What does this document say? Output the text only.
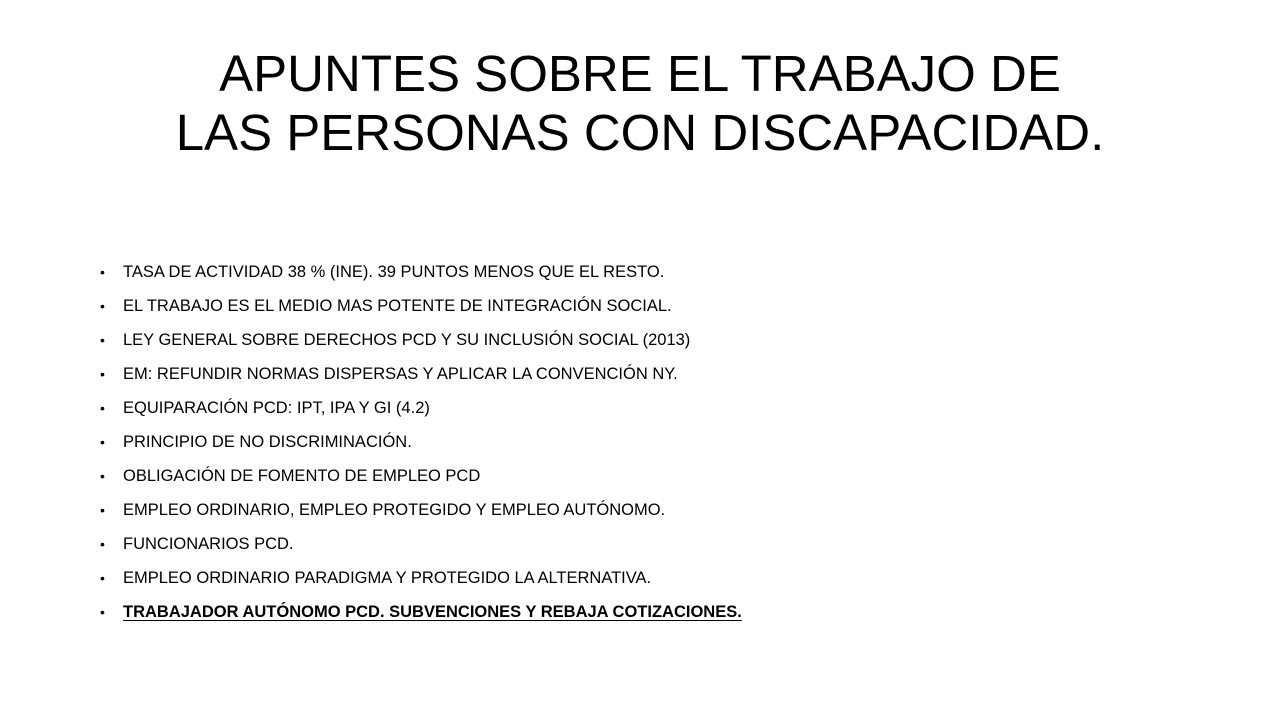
APUNTES SOBRE EL TRABAJO DE
LAS PERSONAS CON DISCAPACIDAD.
• TASA DE ACTIVIDAD 38 % (INE). 39 PUNTOS MENOS QUE EL RESTO.
• EL TRABAJO ES EL MEDIO MAS POTENTE DE INTEGRACIÓN SOCIAL.
• LEY GENERAL SOBRE DERECHOS PCD Y SU INCLUSIÓN SOCIAL (2013)
• EM: REFUNDIR NORMAS DISPERSAS Y APLICAR LA CONVENCIÓN NY.
• EQUIPARACIÓN PCD: IPT, IPA Y GI (4.2)
• PRINCIPIO DE NO DISCRIMINACIÓN.
• OBLIGACIÓN DE FOMENTO DE EMPLEO PCD
• EMPLEO ORDINARIO, EMPLEO PROTEGIDO Y EMPLEO AUTÓNOMO.
• FUNCIONARIOS PCD.
• EMPLEO ORDINARIO PARADIGMA Y PROTEGIDO LA ALTERNATIVA.
• TRABAJADOR AUTÓNOMO PCD. SUBVENCIONES Y REBAJA COTIZACIONES.
